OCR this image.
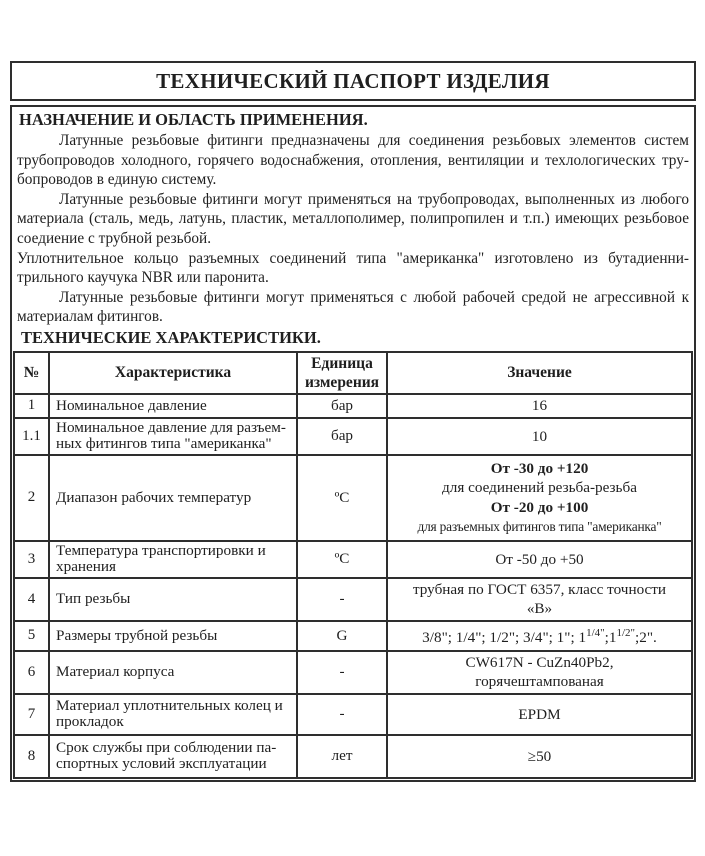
ТЕХНИЧЕСКИЙ ПАСПОРТ ИЗДЕЛИЯ
НАЗНАЧЕНИЕ И ОБЛАСТЬ ПРИМЕНЕНИЯ.
Латунные резьбовые фитинги предназначены для соединения резьбовых элементов систем
трубопроводов холодного, горячего водоснабжения, отопления, вентиляции и техлологических тру-
бопроводов в единую систему.
Латунные резьбовые фитинги могут применяться на трубопроводах, выполненных из любого
материала (сталь, медь, латунь, пластик, металлополимер, полипропилен и т.п.) имеющих резьбовое
соедиение с трубной резьбой.
Уплотнительное кольцо разъемных соединений типа "американка" изготовлено из бутадиенни-
трильного каучука NBR или паронита.
Латунные резьбовые фитинги могут применяться с любой рабочей средой не агрессивной к
материалам фитингов.
ТЕХНИЧЕСКИЕ ХАРАКТЕРИСТИКИ.
№	Характеристика	Единица измерения	Значение
1	Номинальное давление	бар	16

1.1	Номинальное давление для разъем-
ных фитингов типа "американка"	бар	10

2	Диапазон рабочих температур	ºC	От -30 до +120
для соединений резьба-резьба
От -20 до +100
для разъемных фитингов типа "американка"

3	Температура транспортировки и
хранения	ºC	От -50 до +50

4	Тип резьбы	-	трубная по ГОСТ 6357, класс точности
«В»

5	Размеры трубной резьбы	G	3/8"; 1/4"; 1/2"; 3/4"; 1"; $1^{1/4"};1^{1/2"};2$".

6	Материал корпуса	-	CW617N - CuZn40Pb2,
горячештампованая

7	Материал уплотнительных колец и
прокладок	-	EPDM

8	Срок службы при соблюдении па-
спортных условий эксплуатации	лет	≥50
